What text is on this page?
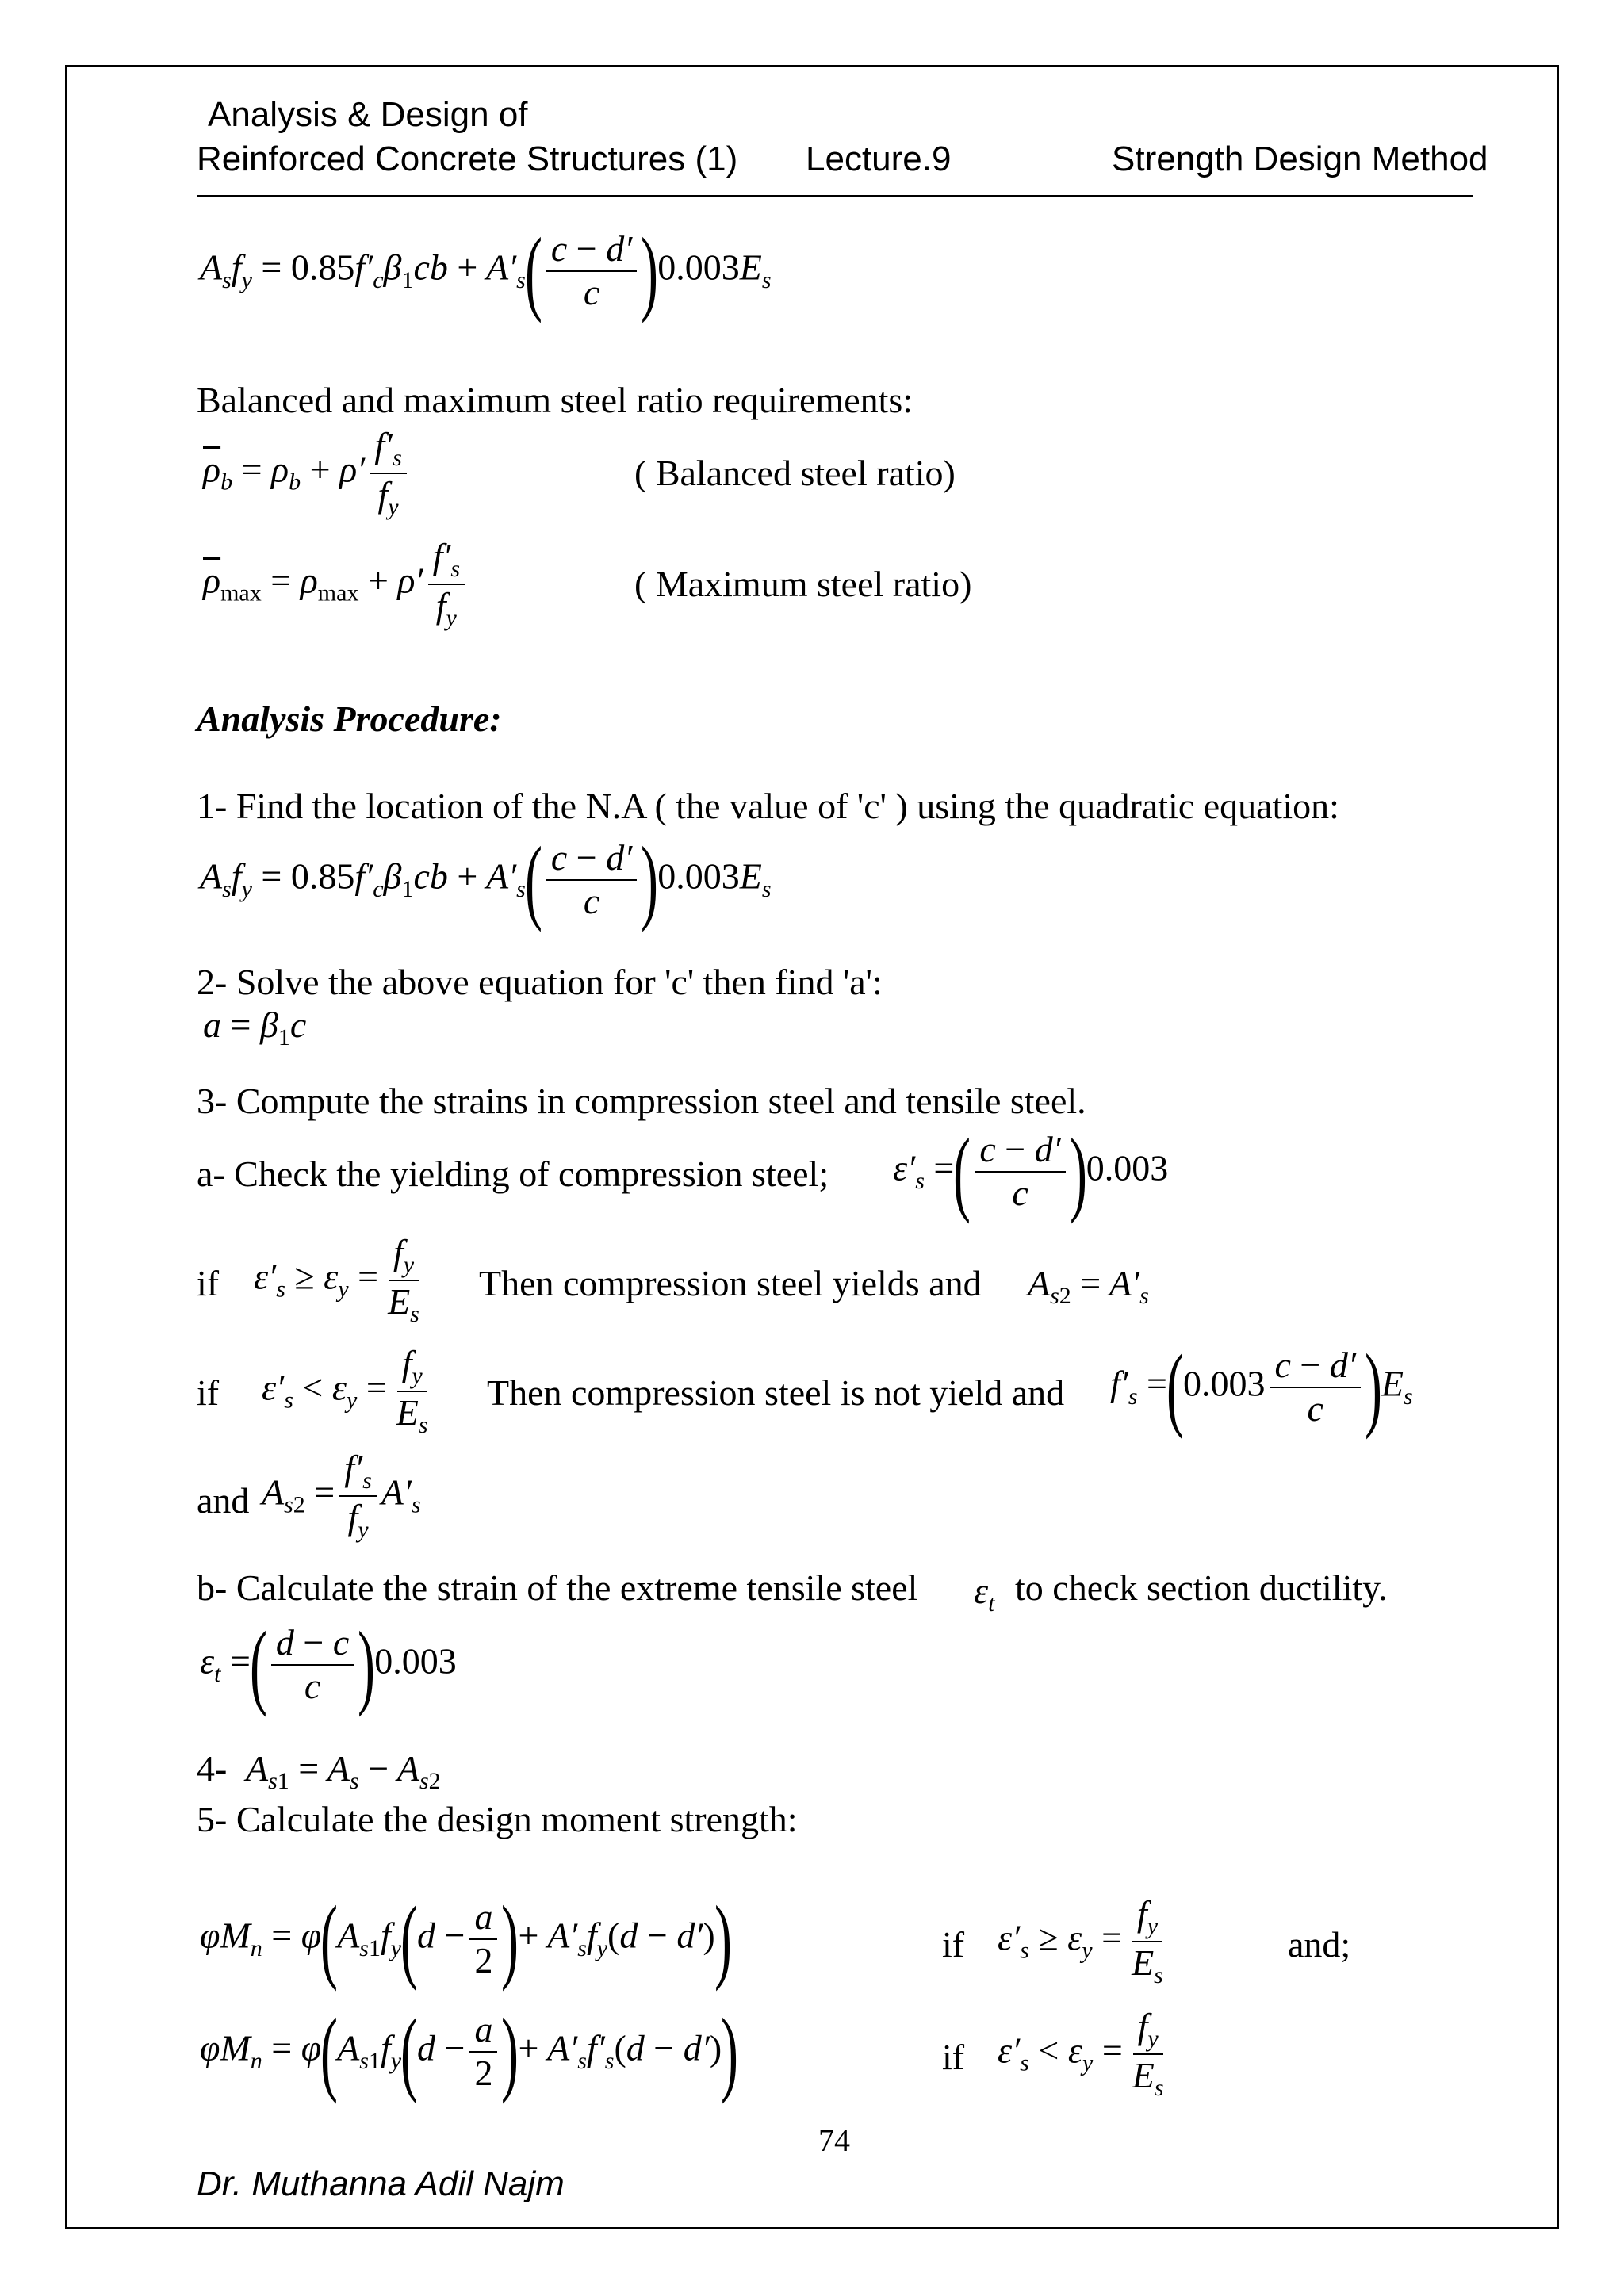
Analysis & Design of
Reinforced Concrete Structures (1) Lecture.9	Strength Design Method
$A_sf_y = 0.85f'_c\beta_1cb + A'_s( \frac{c - d'}{c} )0.003E_s$
Balanced and maximum steel ratio requirements:
$\overline{\rho}_b = \rho_b + \rho' \frac{f'_s}{f_y}$	( Balanced steel ratio)
$\overline{\rho}_{max} = \rho_{max} + \rho' \frac{f'_s}{f_y}$	( Maximum steel ratio)
Analysis Procedure:
1- Find the location of the N.A ( the value of 'c' ) using the quadratic equation:
$A_sf_y = 0.85f'_c\beta_1cb + A'_s( \frac{c - d'}{c} )0.003E_s$
2- Solve the above equation for 'c' then find 'a':
$a = \beta_1c$
3- Compute the strains in compression steel and tensile steel.
a- Check the yielding of compression steel; $\varepsilon'_s$ =( $\frac{c - d'}{c} )0.003$
if $\varepsilon'_s \ge \varepsilon_y = \frac{f_y}{E_s}$ Then compression steel yields and $A_{s2} = A'_s$
if $\varepsilon'_s < \varepsilon_y = \frac{f_y}{E_s}$ Then compression steel is not yield and $f'_s =(0.003 \frac{c - d'}{c} )E_s$
and $A_{s2} = \frac{f'_s}{f_y} A'_s$
b- Calculate the strain of the extreme tensile steel $\varepsilon_t$ to check section ductility.
$\varepsilon_t$ =( $\frac{d - c}{c} )0.003$
4- $A_{s1} = A_s - A_{s2}$
5- Calculate the design moment strength:
$\varphi M_n = \varphi(A_{s1}f_y(d - \frac{a}{2}$ )+ $A'_sf_y(d - d')$)	if $\varepsilon'_s \ge \varepsilon_y = \frac{f_y}{E_s}$	and;
$\varphi M_n = \varphi(A_{s1}f_y(d - \frac{a}{2}$ )+ $A'_sf'_s(d - d')$)	if $\varepsilon'_s < \varepsilon_y = \frac{f_y}{E_s}$
74
Dr. Muthanna Adil Najm
